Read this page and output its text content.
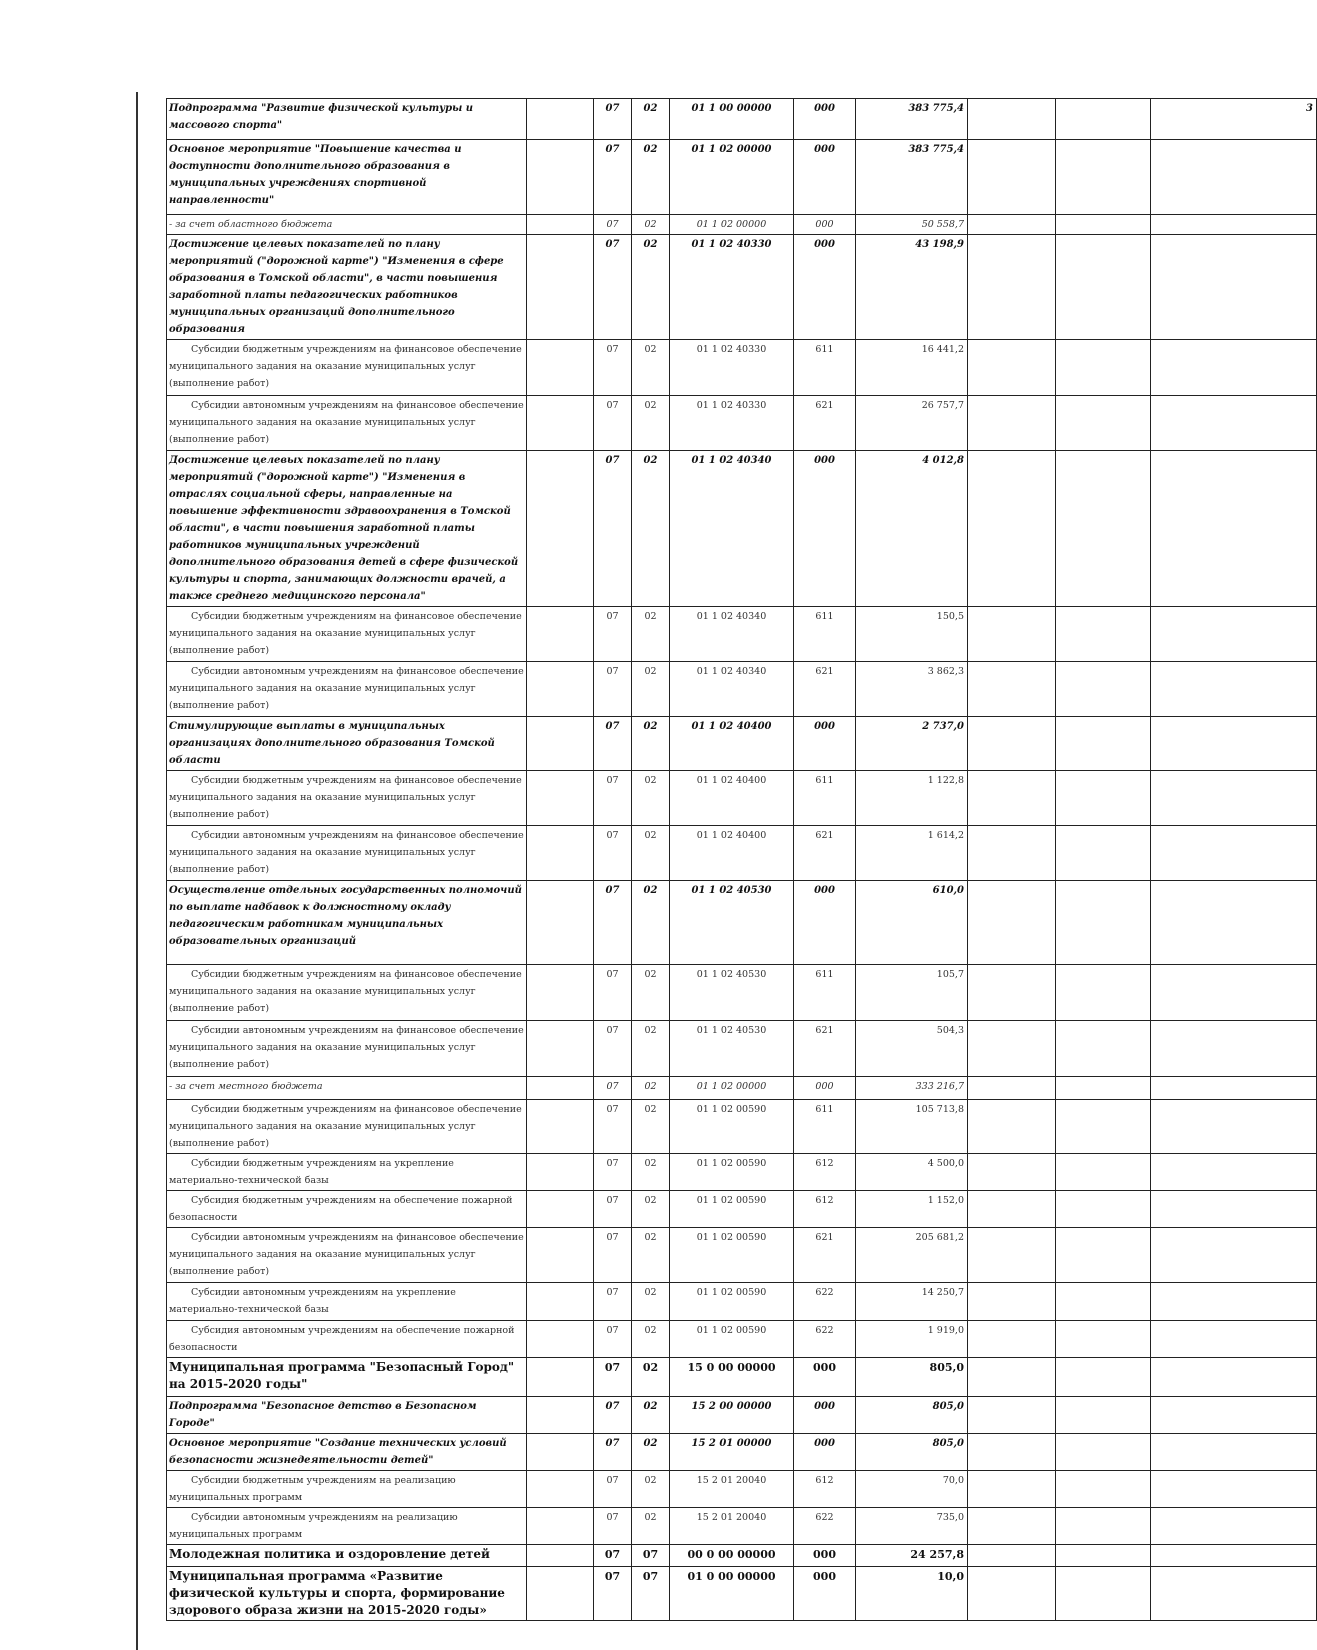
Подпрограмма "Развитие физической культуры и массового спорта"		07	02	01 1 00 00000	000	383 775,4			3
Основное мероприятие "Повышение качества и доступности дополнительного образования в муниципальных учреждениях спортивной направленности"		07	02	01 1 02 00000	000	383 775,4			
- за счет областного бюджета		07	02	01 1 02 00000	000	50 558,7			
Достижение целевых показателей по плану мероприятий ("дорожной карте") "Изменения в сфере образования в Томской области", в части повышения заработной платы педагогических работников муниципальных организаций дополнительного образования		07	02	01 1 02 40330	000	43 198,9			
Субсидии бюджетным учреждениям на финансовое обеспечение муниципального задания на оказание муниципальных услуг (выполнение работ)		07	02	01 1 02 40330	611	16 441,2			
Субсидии автономным учреждениям на финансовое обеспечение муниципального задания на оказание муниципальных услуг (выполнение работ)		07	02	01 1 02 40330	621	26 757,7			
Достижение целевых показателей по плану мероприятий ("дорожной карте") "Изменения в отраслях социальной сферы, направленные на повышение эффективности здравоохранения в Томской области", в части повышения заработной платы работников муниципальных учреждений дополнительного образования детей в сфере физической культуры и спорта, занимающих должности врачей, а также среднего медицинского персонала"		07	02	01 1 02 40340	000	4 012,8			
Субсидии бюджетным учреждениям на финансовое обеспечение муниципального задания на оказание муниципальных услуг (выполнение работ)		07	02	01 1 02 40340	611	150,5			
Субсидии автономным учреждениям на финансовое обеспечение муниципального задания на оказание муниципальных услуг (выполнение работ)		07	02	01 1 02 40340	621	3 862,3			
Стимулирующие выплаты в муниципальных организациях дополнительного образования Томской области		07	02	01 1 02 40400	000	2 737,0			
Субсидии бюджетным учреждениям на финансовое обеспечение муниципального задания на оказание муниципальных услуг (выполнение работ)		07	02	01 1 02 40400	611	1 122,8			
Субсидии автономным учреждениям на финансовое обеспечение муниципального задания на оказание муниципальных услуг (выполнение работ)		07	02	01 1 02 40400	621	1 614,2			
Осуществление отдельных государственных полномочий по выплате надбавок к должностному окладу педагогическим работникам муниципальных образовательных организаций		07	02	01 1 02 40530	000	610,0			
Субсидии бюджетным учреждениям на финансовое обеспечение муниципального задания на оказание муниципальных услуг (выполнение работ)		07	02	01 1 02 40530	611	105,7			
Субсидии автономным учреждениям на финансовое обеспечение муниципального задания на оказание муниципальных услуг (выполнение работ)		07	02	01 1 02 40530	621	504,3			
- за счет местного бюджета		07	02	01 1 02 00000	000	333 216,7			
Субсидии бюджетным учреждениям на финансовое обеспечение муниципального задания на оказание муниципальных услуг (выполнение работ)		07	02	01 1 02 00590	611	105 713,8			
Субсидии бюджетным учреждениям на укрепление материально-технической базы		07	02	01 1 02 00590	612	4 500,0			
Субсидия бюджетным учреждениям на обеспечение пожарной безопасности		07	02	01 1 02 00590	612	1 152,0			
Субсидии автономным учреждениям на финансовое обеспечение муниципального задания на оказание муниципальных услуг (выполнение работ)		07	02	01 1 02 00590	621	205 681,2			
Субсидии автономным учреждениям на укрепление материально-технической базы		07	02	01 1 02 00590	622	14 250,7			
Субсидия автономным учреждениям на обеспечение пожарной безопасности		07	02	01 1 02 00590	622	1 919,0			
Муниципальная программа "Безопасный Город" на 2015-2020 годы"		07	02	15 0 00 00000	000	805,0			
Подпрограмма "Безопасное детство в Безопасном Городе"		07	02	15 2 00 00000	000	805,0			
Основное мероприятие "Создание технических условий безопасности жизнедеятельности детей"		07	02	15 2 01 00000	000	805,0			
Субсидии бюджетным учреждениям на реализацию муниципальных программ		07	02	15 2 01 20040	612	70,0			
Субсидии автономным учреждениям на реализацию муниципальных программ		07	02	15 2 01 20040	622	735,0			
Молодежная политика и оздоровление детей		07	07	00 0 00 00000	000	24 257,8			
Муниципальная программа «Развитие физической культуры и спорта, формирование здорового образа жизни на 2015-2020 годы»		07	07	01 0 00 00000	000	10,0			
